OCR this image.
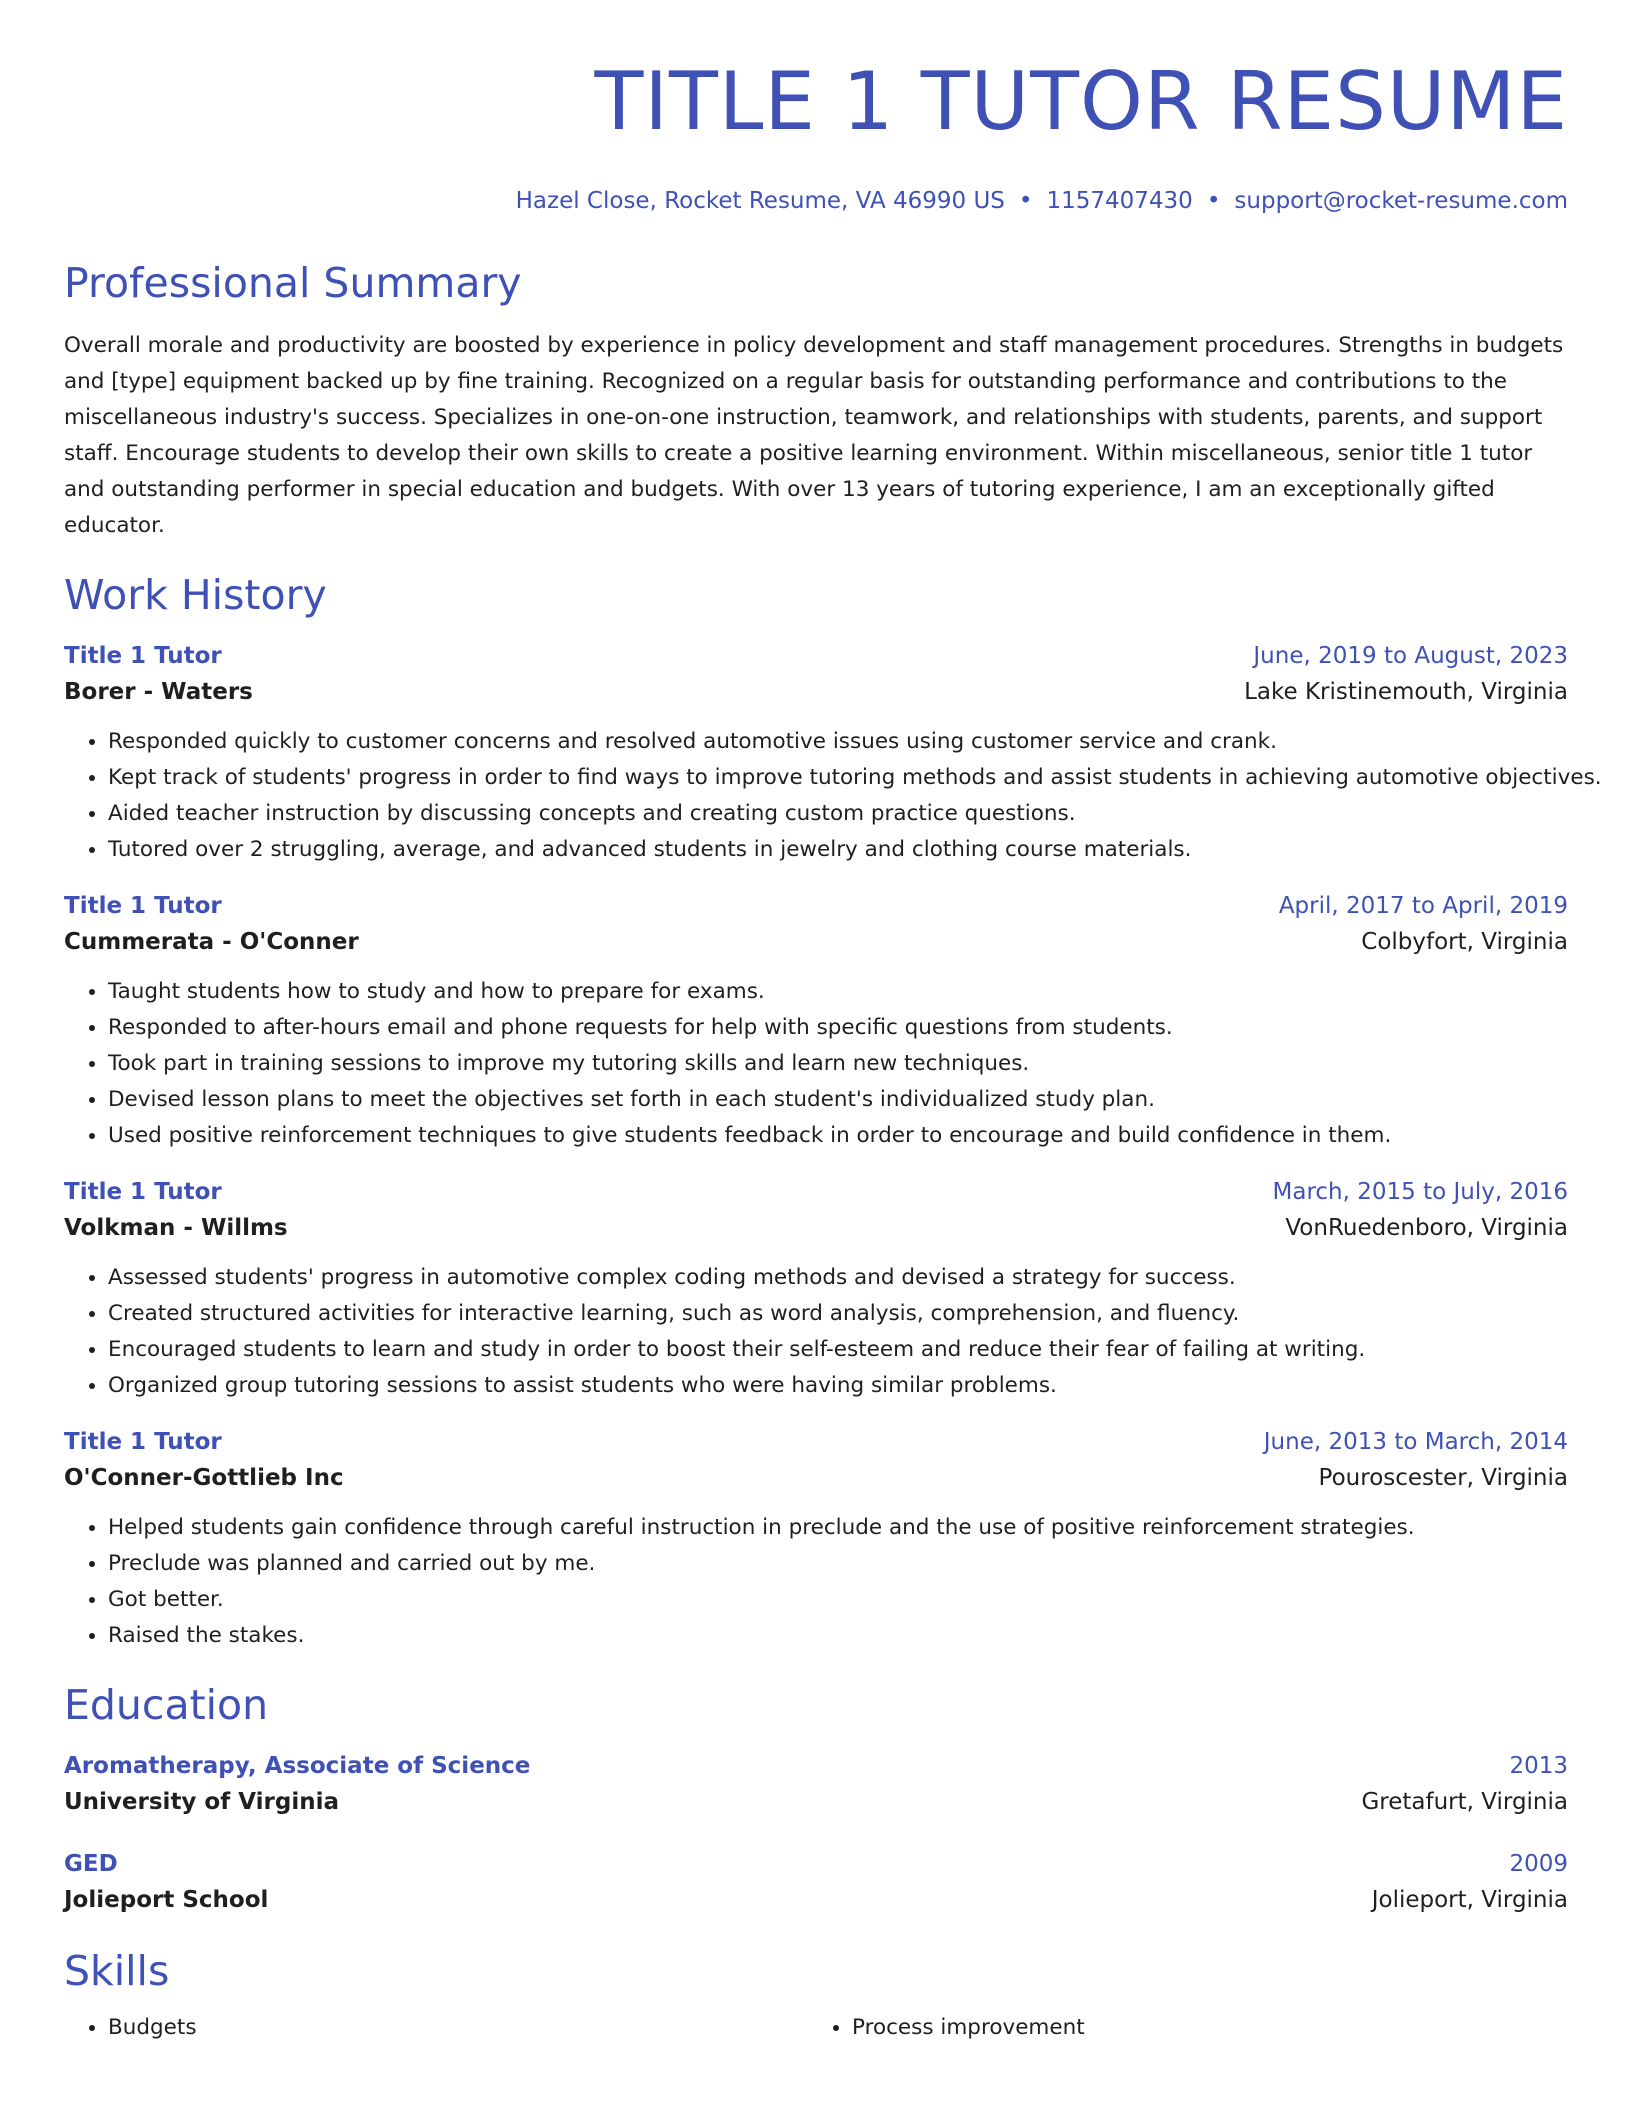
TITLE 1 TUTOR RESUME
Hazel Close, Rocket Resume, VA 46990 US • 1157407430 • support@rocket-resume.com
Professional Summary

Overall morale and productivity are boosted by experience in policy development and staff management procedures. Strengths in budgets and [type] equipment backed up by fine training. Recognized on a regular basis for outstanding performance and contributions to the miscellaneous industry's success. Specializes in one-on-one instruction, teamwork, and relationships with students, parents, and support staff. Encourage students to develop their own skills to create a positive learning environment. Within miscellaneous, senior title 1 tutor and outstanding performer in special education and budgets. With over 13 years of tutoring experience, I am an exceptionally gifted educator.

Work History
Title 1 Tutor	June, 2019 to August, 2023
Borer - Waters	Lake Kristinemouth, Virginia
• Responded quickly to customer concerns and resolved automotive issues using customer service and crank.
• Kept track of students' progress in order to find ways to improve tutoring methods and assist students in achieving automotive objectives.
• Aided teacher instruction by discussing concepts and creating custom practice questions.
• Tutored over 2 struggling, average, and advanced students in jewelry and clothing course materials.
Title 1 Tutor	April, 2017 to April, 2019
Cummerata - O'Conner	Colbyfort, Virginia
• Taught students how to study and how to prepare for exams.
• Responded to after-hours email and phone requests for help with specific questions from students.
• Took part in training sessions to improve my tutoring skills and learn new techniques.
• Devised lesson plans to meet the objectives set forth in each student's individualized study plan.
• Used positive reinforcement techniques to give students feedback in order to encourage and build confidence in them.
Title 1 Tutor	March, 2015 to July, 2016
Volkman - Willms	VonRuedenboro, Virginia
• Assessed students' progress in automotive complex coding methods and devised a strategy for success.
• Created structured activities for interactive learning, such as word analysis, comprehension, and fluency.
• Encouraged students to learn and study in order to boost their self-esteem and reduce their fear of failing at writing.
• Organized group tutoring sessions to assist students who were having similar problems.
Title 1 Tutor	June, 2013 to March, 2014
O'Conner-Gottlieb Inc	Pouroscester, Virginia
• Helped students gain confidence through careful instruction in preclude and the use of positive reinforcement strategies.
• Preclude was planned and carried out by me.
• Got better.
• Raised the stakes.
Education
Aromatherapy, Associate of Science	2013
University of Virginia	Gretafurt, Virginia
GED	2009
Jolieport School	Jolieport, Virginia
Skills
• Budgets
•	Process improvement
